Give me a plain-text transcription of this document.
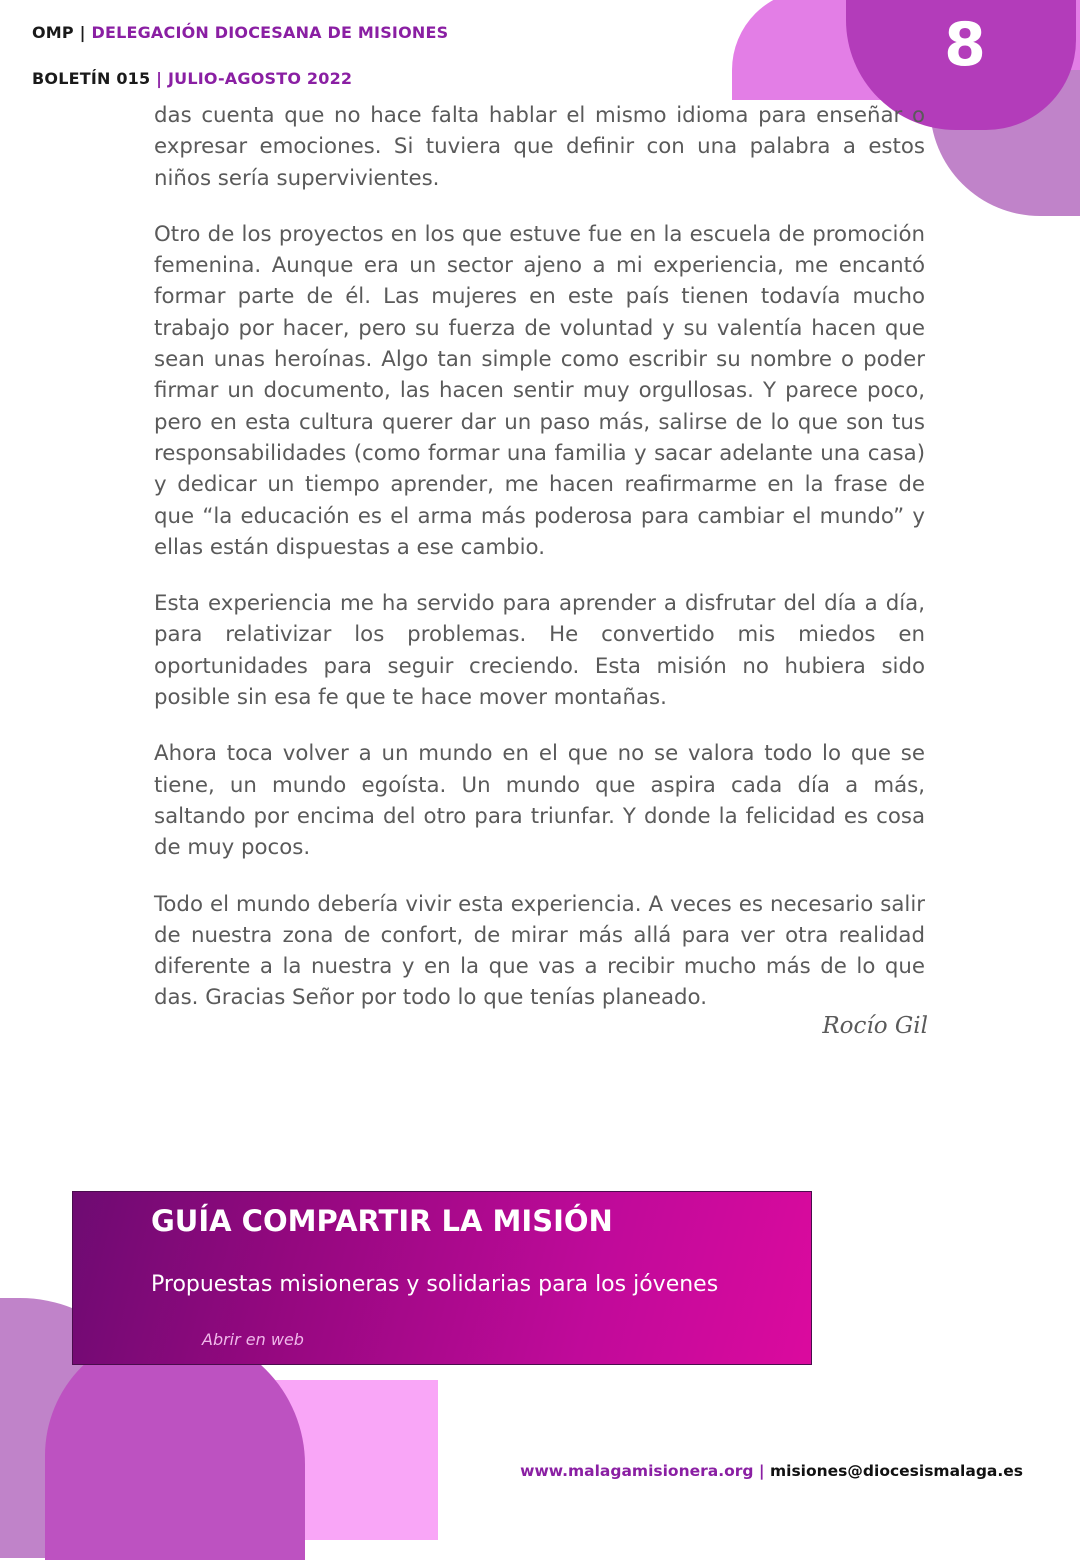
8
OMP | DELEGACIÓN DIOCESANA DE MISIONES
BOLETÍN 015 | JULIO-AGOSTO 2022

das cuenta que no hace falta hablar el mismo idioma para enseñar o expresar emociones. Si tuviera que definir con una palabra a estos niños sería supervivientes.

Otro de los proyectos en los que estuve fue en la escuela de promoción femenina. Aunque era un sector ajeno a mi experiencia, me encantó formar parte de él. Las mujeres en este país tienen todavía mucho trabajo por hacer, pero su fuerza de voluntad y su valentía hacen que sean unas heroínas. Algo tan simple como escribir su nombre o poder firmar un documento, las hacen sentir muy orgullosas. Y parece poco, pero en esta cultura querer dar un paso más, salirse de lo que son tus responsabilidades (como formar una familia y sacar adelante una casa) y dedicar un tiempo aprender, me hacen reafirmarme en la frase de que “la educación es el arma más poderosa para cambiar el mundo” y ellas están dispuestas a ese cambio.

Esta experiencia me ha servido para aprender a disfrutar del día a día, para relativizar los problemas. He convertido mis miedos en oportunidades para seguir creciendo. Esta misión no hubiera sido posible sin esa fe que te hace mover montañas.

Ahora toca volver a un mundo en el que no se valora todo lo que se tiene, un mundo egoísta. Un mundo que aspira cada día a más, saltando por encima del otro para triunfar. Y donde la felicidad es cosa de muy pocos.

Todo el mundo debería vivir esta experiencia. A veces es necesario salir de nuestra zona de confort, de mirar más allá para ver otra realidad diferente a la nuestra y en la que vas a recibir mucho más de lo que das. Gracias Señor por todo lo que tenías planeado.

Rocío Gil
GUÍA COMPARTIR LA MISIÓN
Propuestas misioneras y solidarias para los jóvenes
Abrir en web
www.malagamisionera.org | misiones@diocesismalaga.es
